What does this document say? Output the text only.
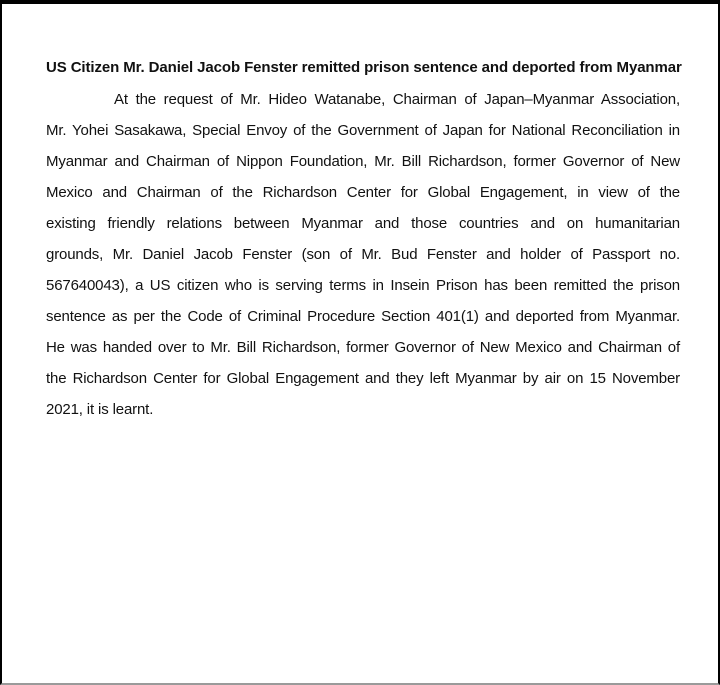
US Citizen Mr. Daniel Jacob Fenster remitted prison sentence and deported from Myanmar
At the request of Mr. Hideo Watanabe, Chairman of Japan–Myanmar Association,
Mr. Yohei Sasakawa, Special Envoy of the Government of Japan for National Reconciliation in
Myanmar and Chairman of Nippon Foundation, Mr. Bill Richardson, former Governor of New
Mexico and Chairman of the Richardson Center for Global Engagement, in view of the
existing friendly relations between Myanmar and those countries and on humanitarian
grounds, Mr. Daniel Jacob Fenster (son of Mr. Bud Fenster and holder of Passport no.
567640043), a US citizen who is serving terms in Insein Prison has been remitted the prison
sentence as per the Code of Criminal Procedure Section 401(1) and deported from Myanmar.
He was handed over to Mr. Bill Richardson, former Governor of New Mexico and Chairman of
the Richardson Center for Global Engagement and they left Myanmar by air on 15 November
2021, it is learnt.
